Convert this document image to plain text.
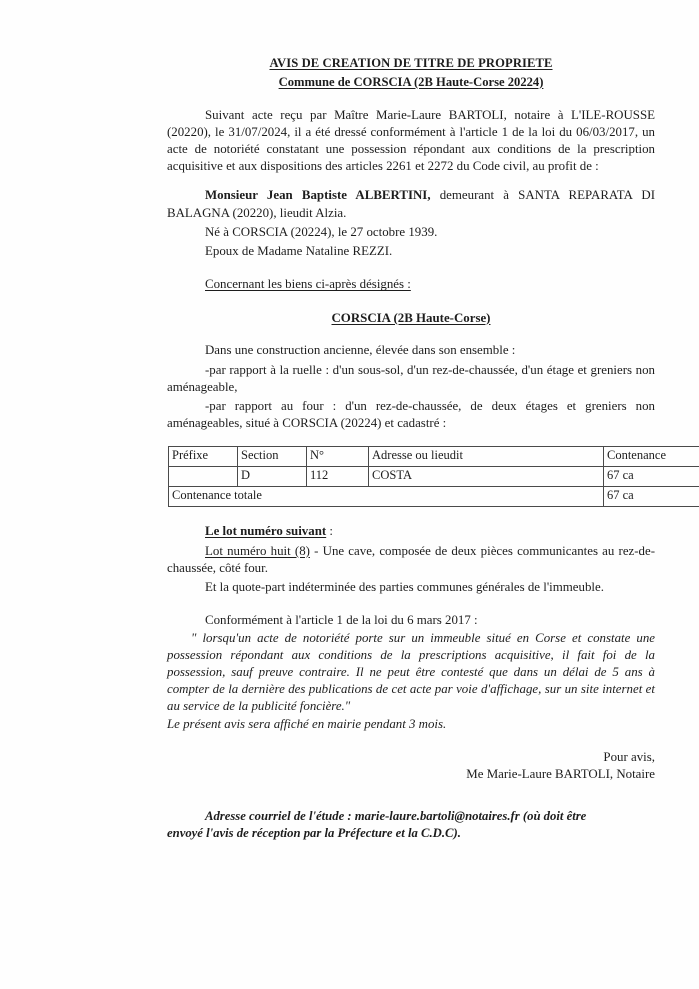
AVIS DE CREATION DE TITRE DE PROPRIETE
Commune de CORSCIA (2B Haute-Corse 20224)

Suivant acte reçu par Maître Marie-Laure BARTOLI, notaire à L'ILE-ROUSSE (20220), le 31/07/2024, il a été dressé conformément à l'article 1 de la loi du 06/03/2017, un acte de notoriété constatant une possession répondant aux conditions de la prescription acquisitive et aux dispositions des articles 2261 et 2272 du Code civil, au profit de :

Monsieur Jean Baptiste ALBERTINI, demeurant à SANTA REPARATA DI BALAGNA (20220), lieudit Alzia.

Né à CORSCIA (20224), le 27 octobre 1939.

Epoux de Madame Nataline REZZI.

Concernant les biens ci-après désignés :
CORSCIA (2B Haute-Corse)

Dans une construction ancienne, élevée dans son ensemble :

-par rapport à la ruelle : d'un sous-sol, d'un rez-de-chaussée, d'un étage et greniers non aménageable,

-par rapport au four : d'un rez-de-chaussée, de deux étages et greniers non aménageables, situé à CORSCIA (20224) et cadastré :

Préfixe	Section	N°	Adresse ou lieudit	Contenance
	D	112	COSTA	67 ca
Contenance totale				67 ca
Le lot numéro suivant :

Lot numéro huit (8) - Une cave, composée de deux pièces communicantes au rez-de-chaussée, côté four.

Et la quote-part indéterminée des parties communes générales de l'immeuble.

Conformément à l'article 1 de la loi du 6 mars 2017 :

" lorsqu'un acte de notoriété porte sur un immeuble situé en Corse et constate une possession répondant aux conditions de la prescriptions acquisitive, il fait foi de la possession, sauf preuve contraire. Il ne peut être contesté que dans un délai de 5 ans à compter de la dernière des publications de cet acte par voie d'affichage, sur un site internet et au service de la publicité foncière."

Le présent avis sera affiché en mairie pendant 3 mois.

Pour avis,
Me Marie-Laure BARTOLI, Notaire
Adresse courriel de l'étude : marie-laure.bartoli@notaires.fr (où doit être
envoyé l'avis de réception par la Préfecture et la C.D.C).
